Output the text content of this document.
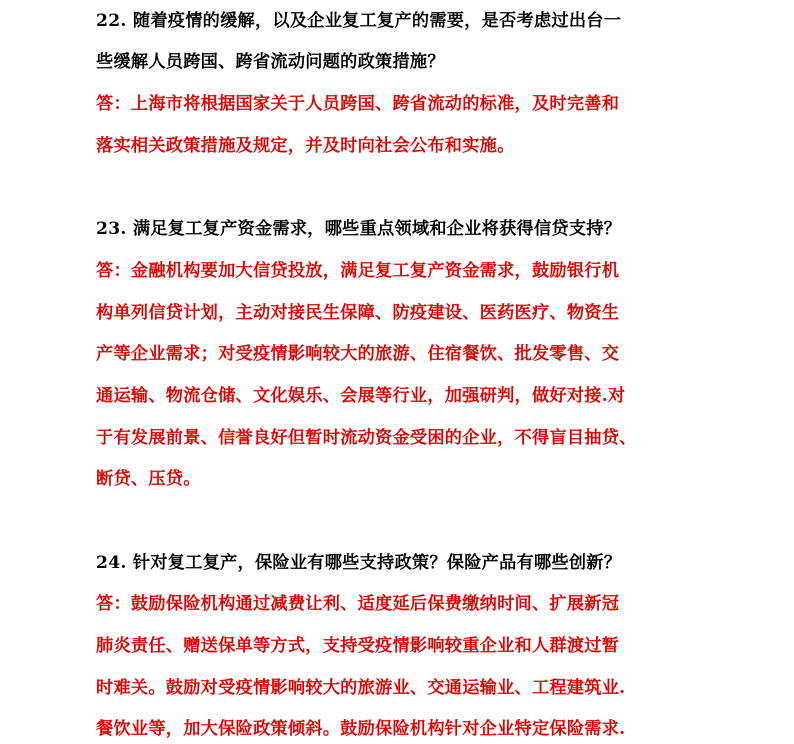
22. 随着疫情的缓解，以及企业复工复产的需要，是否考虑过出台一
些缓解人员跨国、跨省流动问题的政策措施？
答：上海市将根据国家关于人员跨国、跨省流动的标准，及时完善和
落实相关政策措施及规定，并及时向社会公布和实施。
23. 满足复工复产资金需求，哪些重点领域和企业将获得信贷支持？
答：金融机构要加大信贷投放，满足复工复产资金需求，鼓励银行机
构单列信贷计划，主动对接民生保障、防疫建设、医药医疗、物资生
产等企业需求；对受疫情影响较大的旅游、住宿餐饮、批发零售、交
通运输、物流仓储、文化娱乐、会展等行业，加强研判，做好对接.对
于有发展前景、信誉良好但暂时流动资金受困的企业，不得盲目抽贷、
断贷、压贷。
24. 针对复工复产，保险业有哪些支持政策？保险产品有哪些创新？
答：鼓励保险机构通过减费让利、适度延后保费缴纳时间、扩展新冠
肺炎责任、赠送保单等方式，支持受疫情影响较重企业和人群渡过暂
时难关。鼓励对受疫情影响较大的旅游业、交通运输业、工程建筑业.
餐饮业等，加大保险政策倾斜。鼓励保险机构针对企业特定保险需求.
